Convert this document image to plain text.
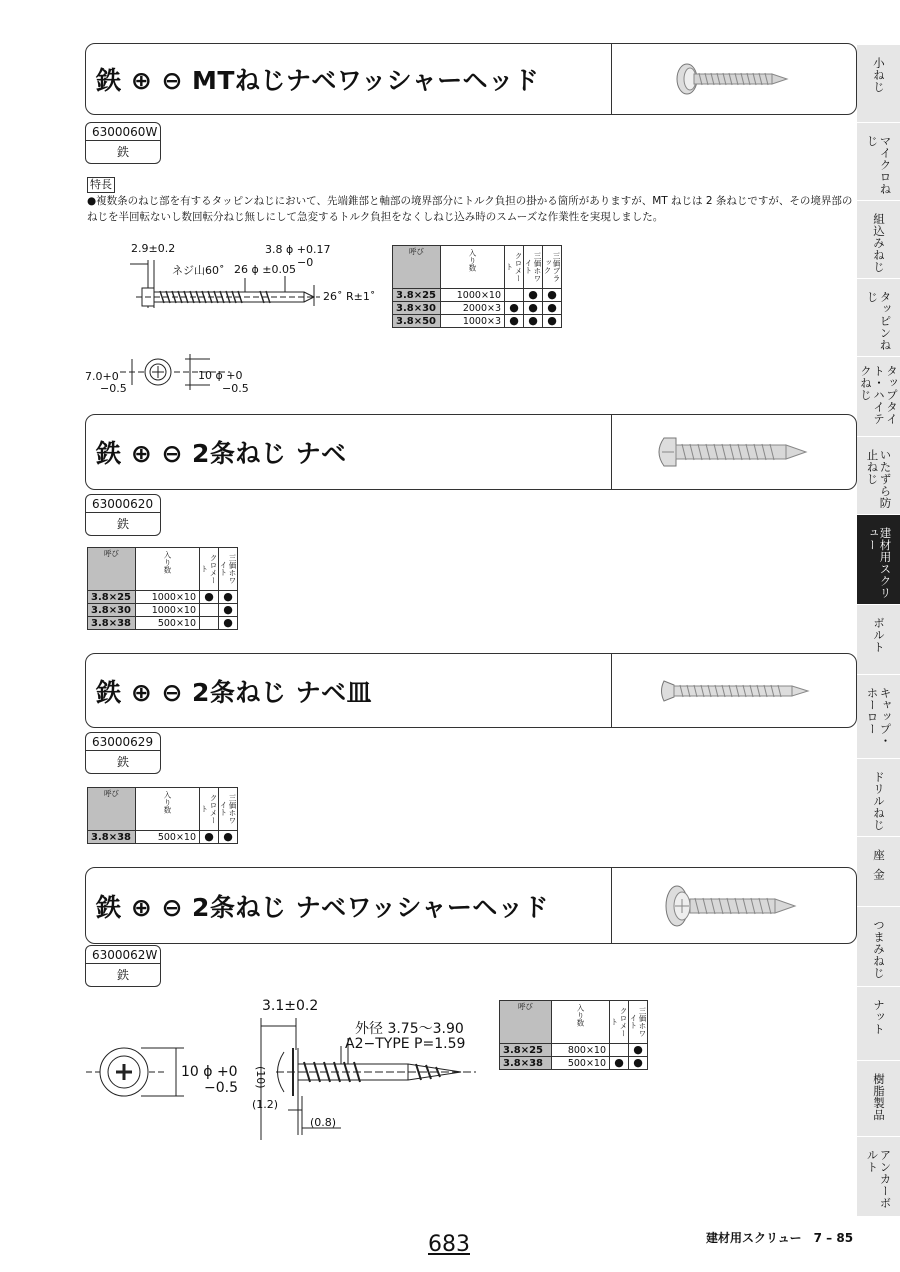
小ねじ
マイクロねじ
組込みねじ
タッピンねじ
タップタイト・ハイテクねじ
いたずら防止ねじ
建材用スクリュー
ボルト
キャップ・ホーロー
ドリルねじ
座金
つまみねじ
ナット
樹脂製品
アンカーボルト
鉄 ⊕ ⊖ MTねじナベワッシャーヘッド
6300060W
鉄
特長
●複数条のねじ部を有するタッピンねじにおいて、先端錐部と軸部の境界部分にトルク負担の掛かる箇所がありますが、MT ねじは 2 条ねじですが、その境界部のねじを半回転ないし数回転分ねじ無しにして急変するトルク負担をなくしねじ込み時のスムーズな作業性を実現しました。
2.9±0.2	3.8 ϕ +0.17
−0
ネジ山60˚ 26 ϕ ±0.05
26˚ R±1˚
7.0+0
−0.5
10 ϕ +0
−0.5
呼び	入り数	クロメート	三価ホワイト	三価ブラック
3.8×25	1000×10		●	●
3.8×30	2000×3	●	●	●
3.8×50	1000×3	●	●	●
鉄 ⊕ ⊖ 2条ねじ ナベ
63000620
鉄
呼び	入り数	クロメート	三価ホワイト
3.8×25	1000×10	●	●
3.8×30	1000×10		●
3.8×38	500×10		●
鉄 ⊕ ⊖ 2条ねじ ナベ皿
63000629
鉄
呼び	入り数	クロメート	三価ホワイト
3.8×38	500×10	●	●
鉄 ⊕ ⊖ 2条ねじ ナベワッシャーヘッド
6300062W
鉄
3.1±0.2
外径 3.75～3.90
A2−TYPE P=1.59
10 ϕ +0
−0.5 (10)
(1.2)
(0.8)
呼び	入り数	クロメート	三価ホワイト
3.8×25	800×10		●
3.8×38	500×10	●	●
683	建材用スクリュー　7 – 85
